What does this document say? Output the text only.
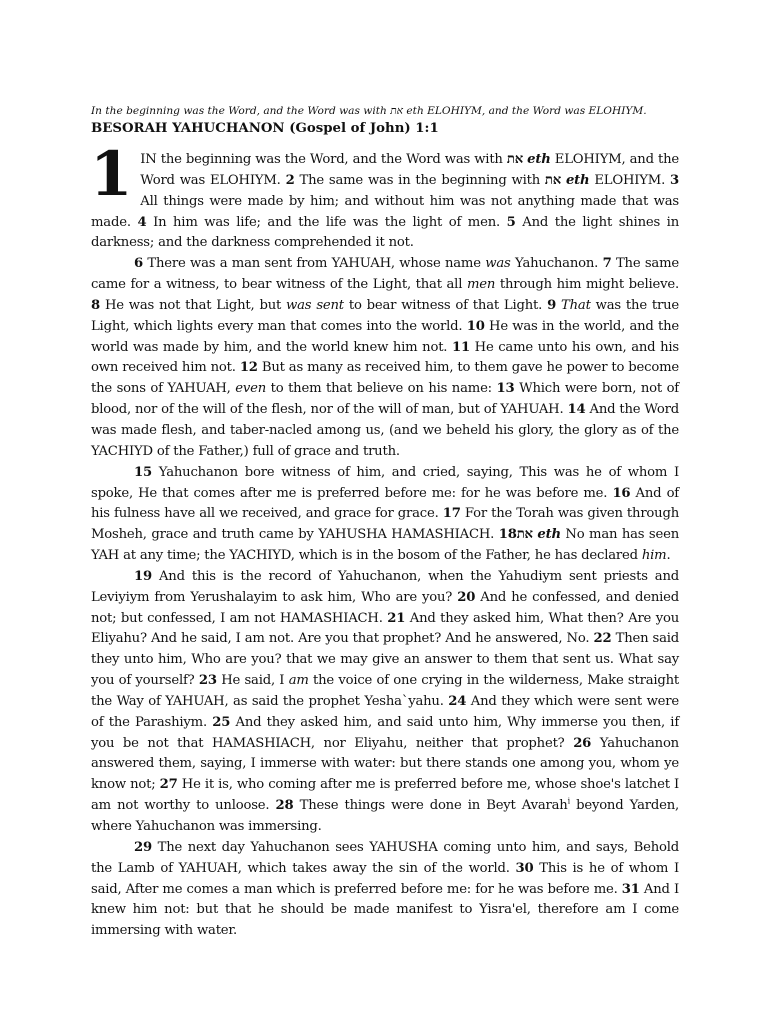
In the beginning was the Word, and the Word was with את eth ELOHIYM, and the Word was ELOHIYM.

BESORAH YAHUCHANON (Gospel of John) 1:1

1 IN the beginning was the Word, and the Word was with את eth ELOHIYM, and the Word was ELOHIYM. 2 The same was in the beginning with את eth ELOHIYM. 3 All things were made by him; and without him was not anything made that was made. 4 In him was life; and the life was the light of men. 5 And the light shines in darkness; and the darkness comprehended it not.

6 There was a man sent from YAHUAH, whose name was Yahuchanon. 7 The same came for a witness, to bear witness of the Light, that all men through him might believe. 8 He was not that Light, but was sent to bear witness of that Light. 9 That was the true Light, which lights every man that comes into the world. 10 He was in the world, and the world was made by him, and the world knew him not. 11 He came unto his own, and his own received him not. 12 But as many as received him, to them gave he power to become the sons of YAHUAH, even to them that believe on his name: 13 Which were born, not of blood, nor of the will of the flesh, nor of the will of man, but of YAHUAH. 14 And the Word was made flesh, and taber-nacled among us, (and we beheld his glory, the glory as of the YACHIYD of the Father,) full of grace and truth.

15 Yahuchanon bore witness of him, and cried, saying, This was he of whom I spoke, He that comes after me is preferred before me: for he was before me. 16 And of his fulness have all we received, and grace for grace. 17 For the Torah was given through Mosheh, grace and truth came by YAHUSHA HAMASHIACH. 18את eth No man has seen YAH at any time; the YACHIYD, which is in the bosom of the Father, he has declared him.

19 And this is the record of Yahuchanon, when the Yahudiym sent priests and Leviyiym from Yerushalayim to ask him, Who are you? 20 And he confessed, and denied not; but confessed, I am not HAMASHIACH. 21 And they asked him, What then? Are you Eliyahu? And he said, I am not. Are you that prophet? And he answered, No. 22 Then said they unto him, Who are you? that we may give an answer to them that sent us. What say you of yourself? 23 He said, I am the voice of one crying in the wilderness, Make straight the Way of YAHUAH, as said the prophet Yesha`yahu. 24 And they which were sent were of the Parashiym. 25 And they asked him, and said unto him, Why immerse you then, if you be not that HAMASHIACH, nor Eliyahu, neither that prophet? 26 Yahuchanon answered them, saying, I immerse with water: but there stands one among you, whom ye know not; 27 He it is, who coming after me is preferred before me, whose shoe's latchet I am not worthy to unloose. 28 These things were done in Beyt Avarah$^i$ beyond Yarden, where Yahuchanon was immersing.

29 The next day Yahuchanon sees YAHUSHA coming unto him, and says, Behold the Lamb of YAHUAH, which takes away the sin of the world. 30 This is he of whom I said, After me comes a man which is preferred before me: for he was before me. 31 And I knew him not: but that he should be made manifest to Yisra'el, therefore am I come immersing with water.
